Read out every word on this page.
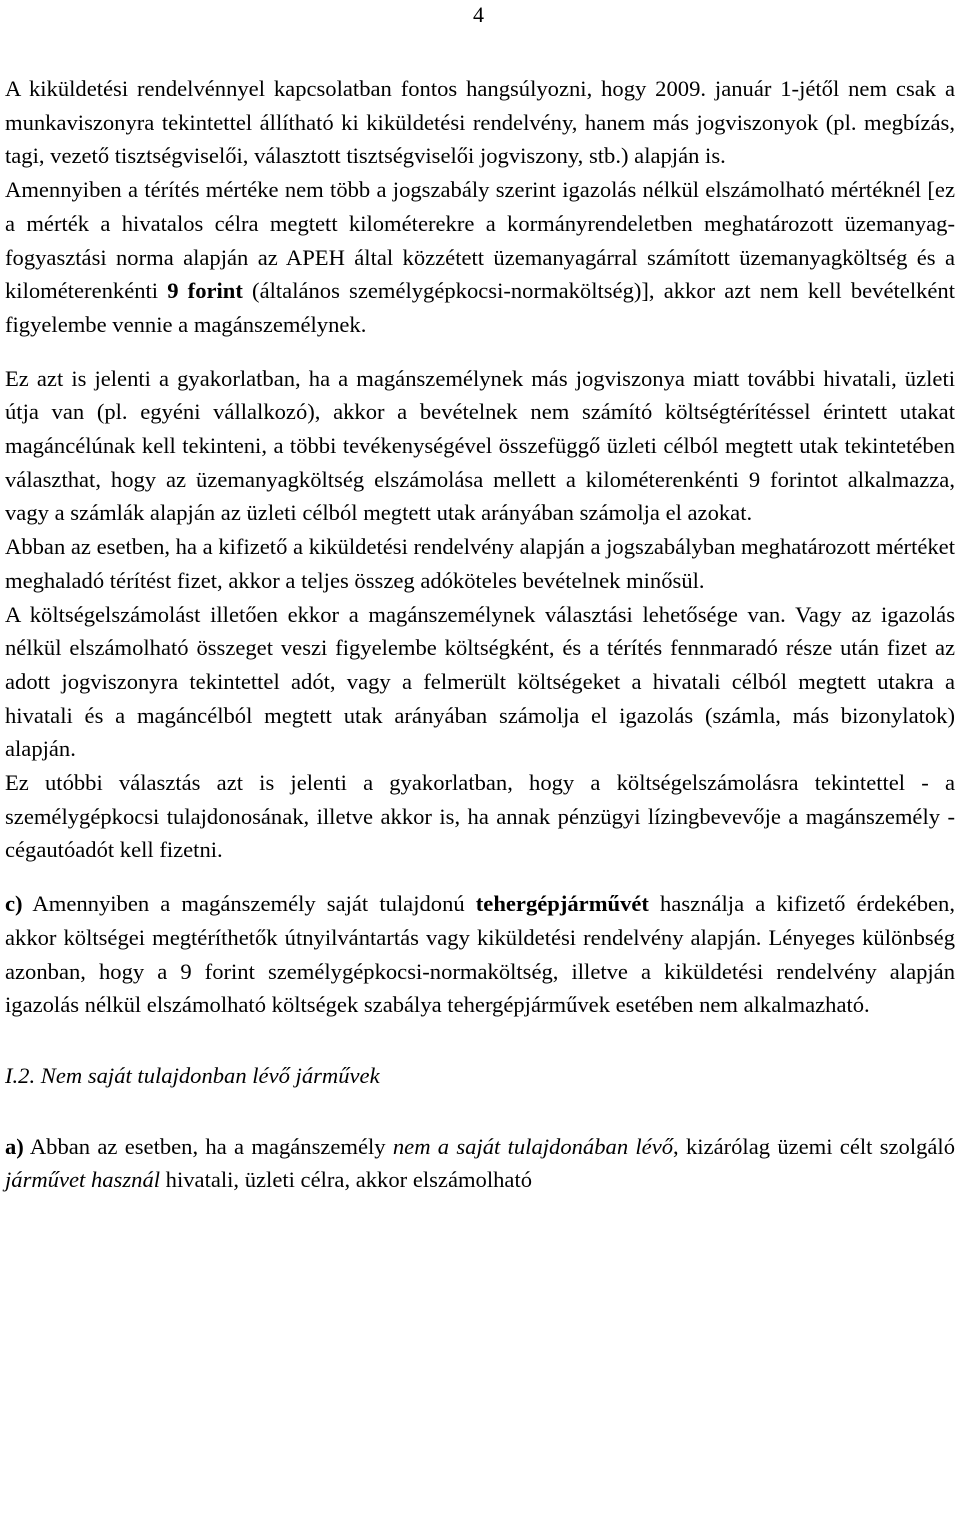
4

A kiküldetési rendelvénnyel kapcsolatban fontos hangsúlyozni, hogy 2009. január 1-jétől nem csak a munkaviszonyra tekintettel állítható ki kiküldetési rendelvény, hanem más jogviszonyok (pl. megbízás, tagi, vezető tisztségviselői, választott tisztségviselői jogviszony, stb.) alapján is.

Amennyiben a térítés mértéke nem több a jogszabály szerint igazolás nélkül elszámolható mértéknél [ez a mérték a hivatalos célra megtett kilométerekre a kormányrendeletben meghatározott üzemanyag-fogyasztási norma alapján az APEH által közzétett üzemanyagárral számított üzemanyagköltség és a kilométerenkénti 9 forint (általános személygépkocsi-normaköltség)], akkor azt nem kell bevételként figyelembe vennie a magánszemélynek.

Ez azt is jelenti a gyakorlatban, ha a magánszemélynek más jogviszonya miatt további hivatali, üzleti útja van (pl. egyéni vállalkozó), akkor a bevételnek nem számító költségtérítéssel érintett utakat magáncélúnak kell tekinteni, a többi tevékenységével összefüggő üzleti célból megtett utak tekintetében választhat, hogy az üzemanyagköltség elszámolása mellett a kilométerenkénti 9 forintot alkalmazza, vagy a számlák alapján az üzleti célból megtett utak arányában számolja el azokat.

Abban az esetben, ha a kifizető a kiküldetési rendelvény alapján a jogszabályban meghatározott mértéket meghaladó térítést fizet, akkor a teljes összeg adóköteles bevételnek minősül.

A költségelszámolást illetően ekkor a magánszemélynek választási lehetősége van. Vagy az igazolás nélkül elszámolható összeget veszi figyelembe költségként, és a térítés fennmaradó része után fizet az adott jogviszonyra tekintettel adót, vagy a felmerült költségeket a hivatali célból megtett utakra a hivatali és a magáncélból megtett utak arányában számolja el igazolás (számla, más bizonylatok) alapján.

Ez utóbbi választás azt is jelenti a gyakorlatban, hogy a költségelszámolásra tekintettel - a személygépkocsi tulajdonosának, illetve akkor is, ha annak pénzügyi lízingbevevője a magánszemély - cégautóadót kell fizetni.

c) Amennyiben a magánszemély saját tulajdonú tehergépjárművét használja a kifizető érdekében, akkor költségei megtéríthetők útnyilvántartás vagy kiküldetési rendelvény alapján. Lényeges különbség azonban, hogy a 9 forint személygépkocsi-normaköltség, illetve a kiküldetési rendelvény alapján igazolás nélkül elszámolható költségek szabálya tehergépjárművek esetében nem alkalmazható.

I.2. Nem saját tulajdonban lévő járművek

a) Abban az esetben, ha a magánszemély nem a saját tulajdonában lévő, kizárólag üzemi célt szolgáló járművet használ hivatali, üzleti célra, akkor elszámolható
